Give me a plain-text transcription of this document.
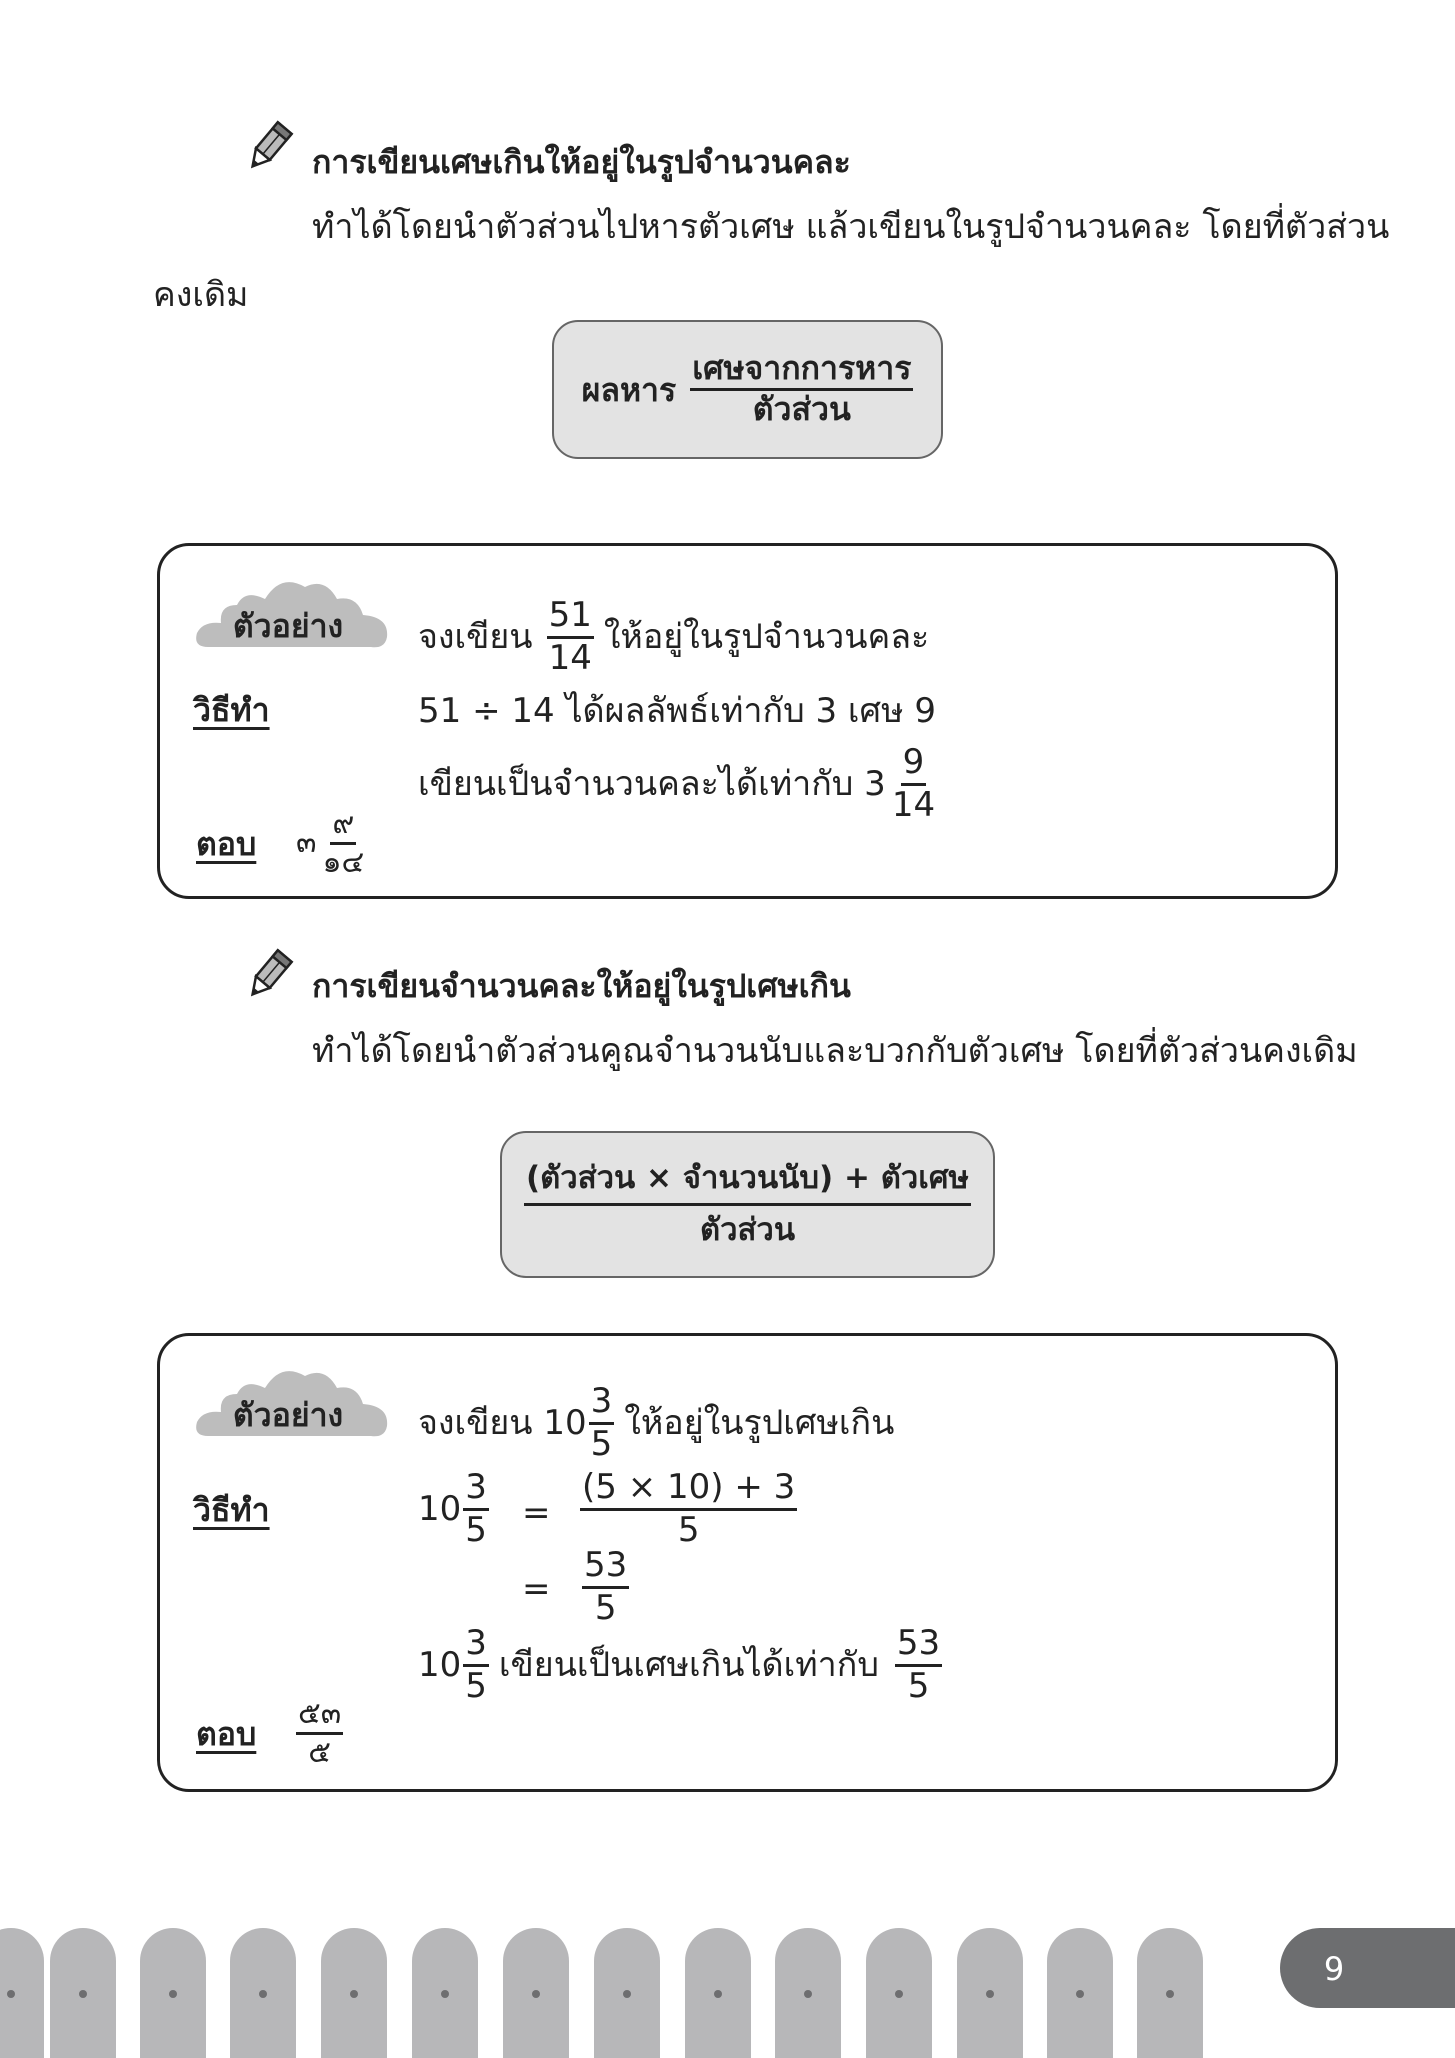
การเขียนเศษเกินให้อยู่ในรูปจำนวนคละ
ทำได้โดยนำตัวส่วนไปหารตัวเศษ แล้วเขียนในรูปจำนวนคละ โดยที่ตัวส่วน
คงเดิม
ผลหาร $\frac{\text{เศษจากการหาร}}{\text{ตัวส่วน}}$
ตัวอย่าง	จงเขียน $\frac{51}{14}$ ให้อยู่ในรูปจำนวนคละ
วิธีทำ	51 ÷ 14 ได้ผลลัพธ์เท่ากับ 3 เศษ 9
เขียนเป็นจำนวนคละได้เท่ากับ $3 \frac{9}{14}$
ตอบ ๓ $\frac{๙}{๑๔}$
การเขียนจำนวนคละให้อยู่ในรูปเศษเกิน
ทำได้โดยนำตัวส่วนคูณจำนวนนับและบวกกับตัวเศษ โดยที่ตัวส่วนคงเดิม
$\frac{\text{(ตัวส่วน × จำนวนนับ) + ตัวเศษ}}{\text{ตัวส่วน}}$
ตัวอย่าง	จงเขียน $10 \frac{3}{5}$ ให้อยู่ในรูปเศษเกิน
วิธีทำ	$10 \frac{3}{5} = \frac{(5 \times 10) + 3}{5}$
= $\frac{53}{5}$
$10 \frac{3}{5}$ เขียนเป็นเศษเกินได้เท่ากับ $\frac{53}{5}$
ตอบ $\frac{๕๓}{๕}$
9
